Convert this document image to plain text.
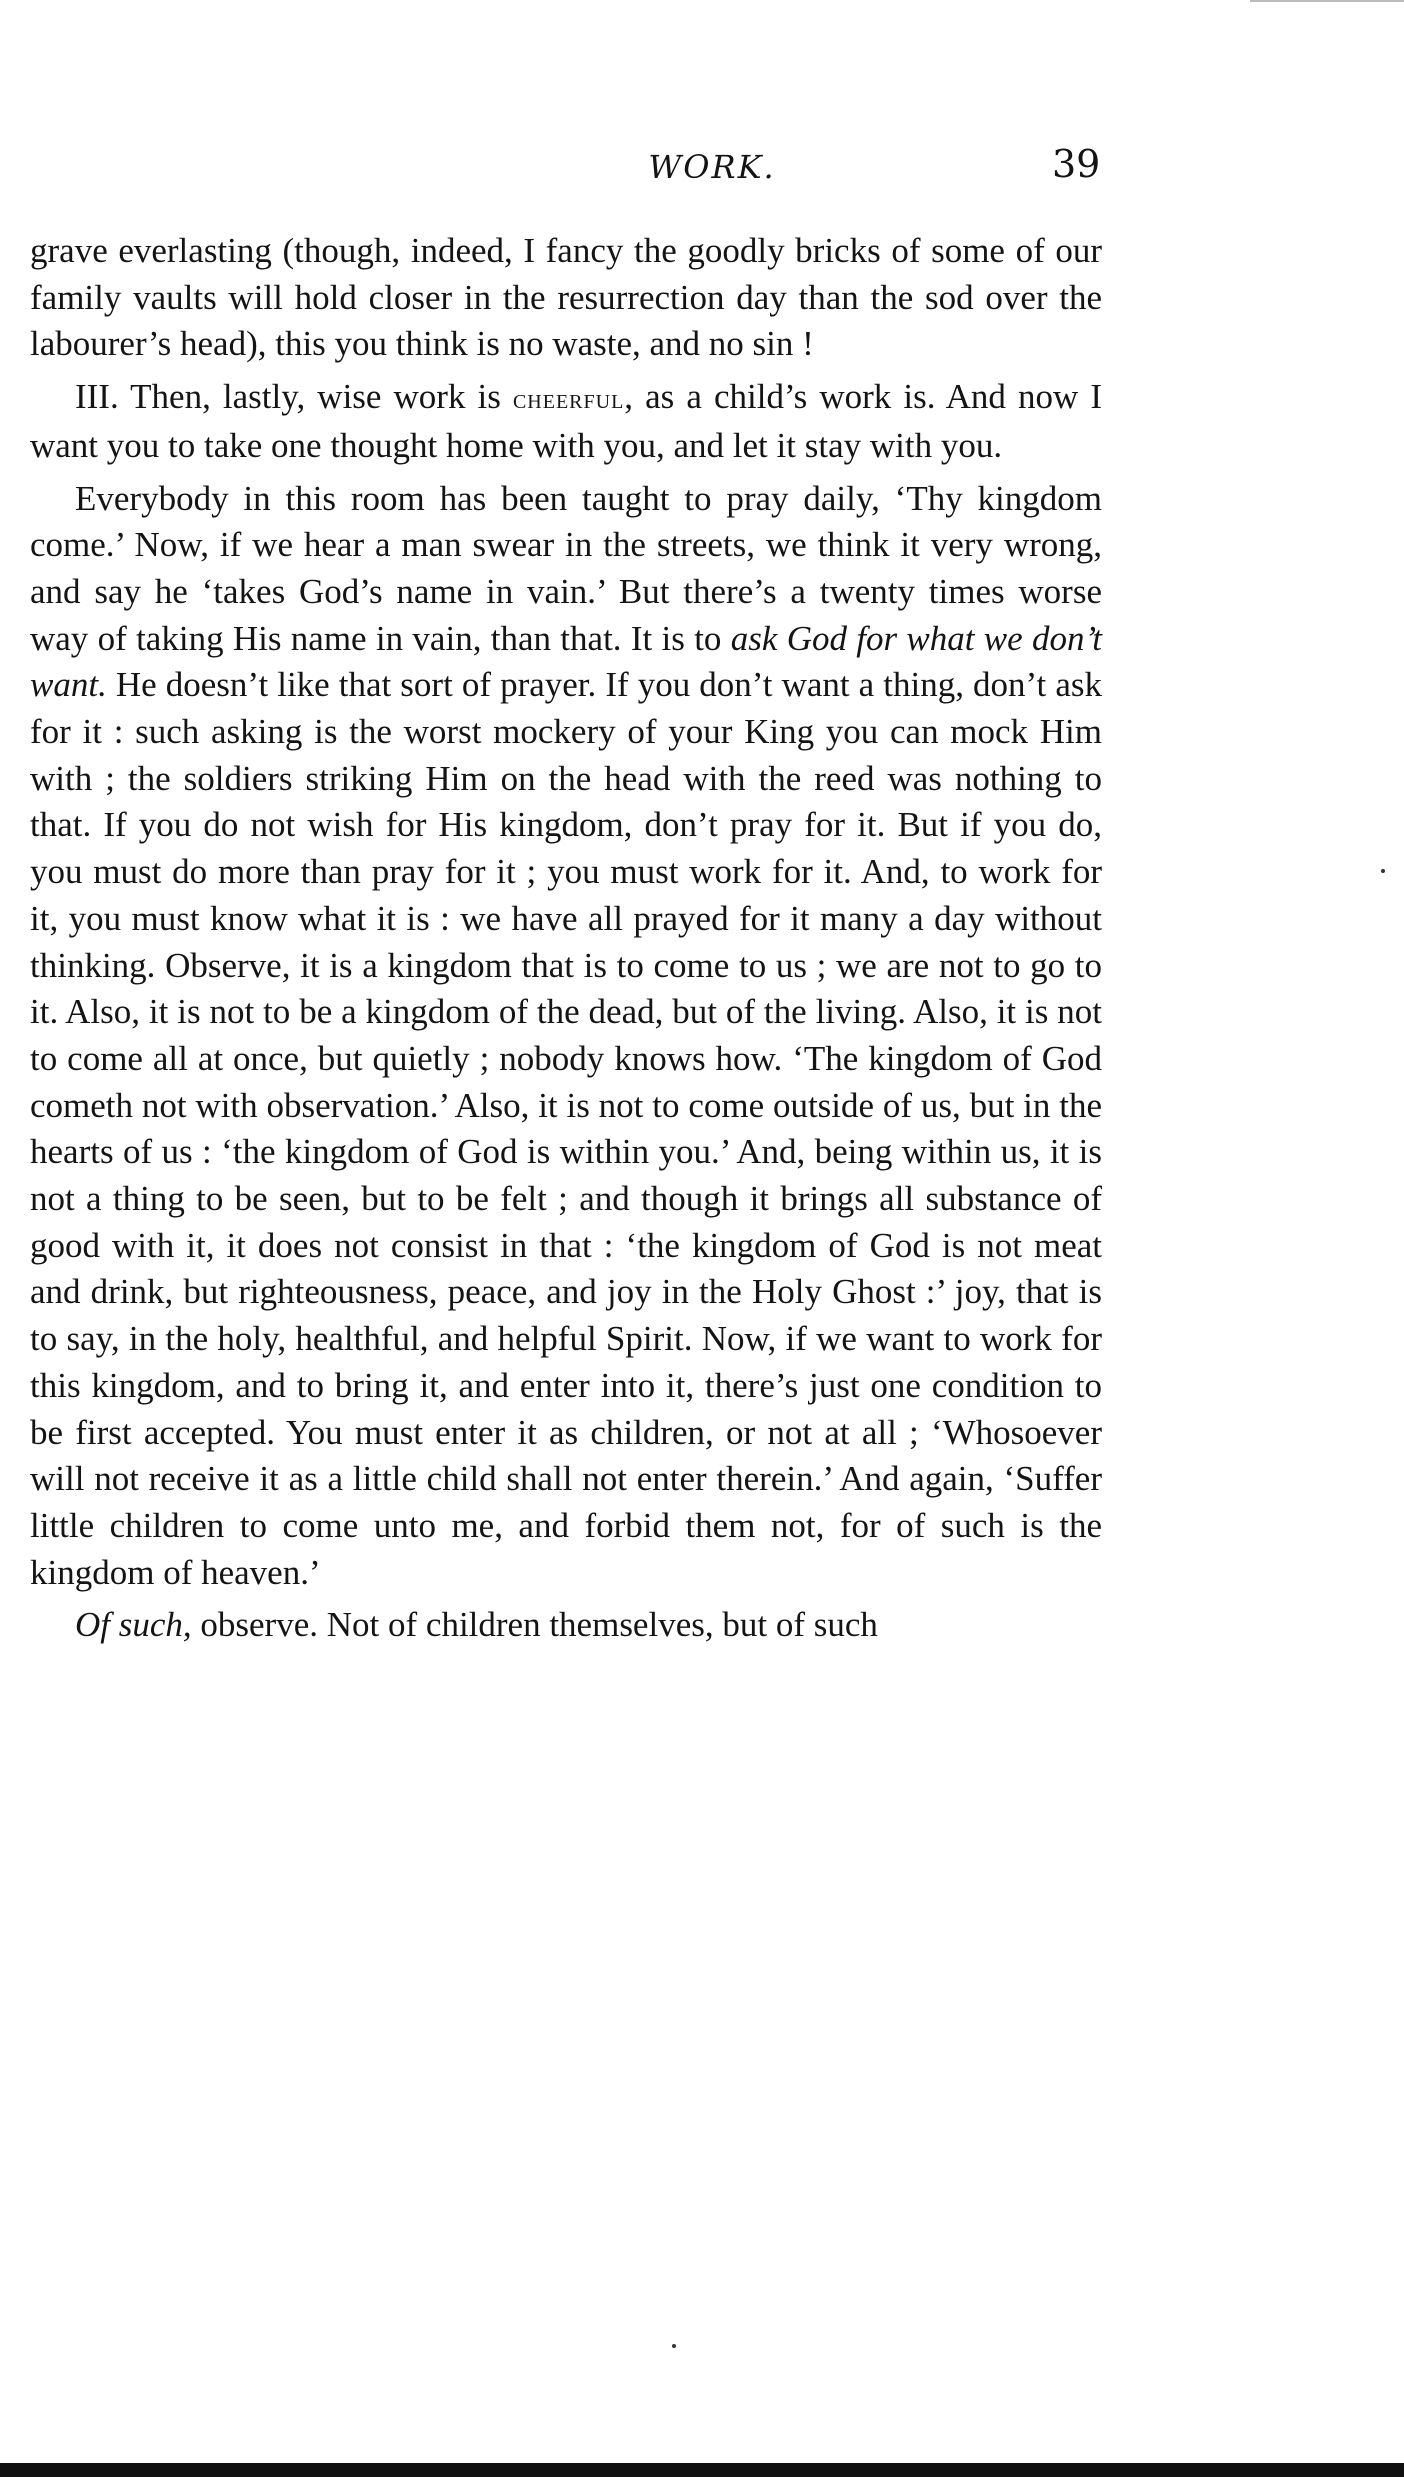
WORK.	39

grave everlasting (though, indeed, I fancy the goodly bricks of some of our family vaults will hold closer in the resurrection day than the sod over the labourer’s head), this you think is no waste, and no sin !

III. Then, lastly, wise work is cheerful, as a child’s work is. And now I want you to take one thought home with you, and let it stay with you.

Everybody in this room has been taught to pray daily, ‘Thy kingdom come.’ Now, if we hear a man swear in the streets, we think it very wrong, and say he ‘takes God’s name in vain.’ But there’s a twenty times worse way of taking His name in vain, than that. It is to ask God for what we don’t want. He doesn’t like that sort of prayer. If you don’t want a thing, don’t ask for it : such asking is the worst mockery of your King you can mock Him with ; the soldiers striking Him on the head with the reed was nothing to that. If you do not wish for His kingdom, don’t pray for it. But if you do, you must do more than pray for it ; you must work for it. And, to work for it, you must know what it is : we have all prayed for it many a day without thinking. Observe, it is a kingdom that is to come to us ; we are not to go to it. Also, it is not to be a kingdom of the dead, but of the living. Also, it is not to come all at once, but quietly ; nobody knows how. ‘The kingdom of God cometh not with observation.’ Also, it is not to come outside of us, but in the hearts of us : ‘the kingdom of God is within you.’ And, being within us, it is not a thing to be seen, but to be felt ; and though it brings all substance of good with it, it does not consist in that : ‘the kingdom of God is not meat and drink, but righteousness, peace, and joy in the Holy Ghost :’ joy, that is to say, in the holy, healthful, and helpful Spirit. Now, if we want to work for this kingdom, and to bring it, and enter into it, there’s just one condition to be first accepted. You must enter it as children, or not at all ; ‘Whosoever will not receive it as a little child shall not enter therein.’ And again, ‘Suffer little children to come unto me, and forbid them not, for of such is the kingdom of heaven.’

Of such, observe. Not of children themselves, but of such
